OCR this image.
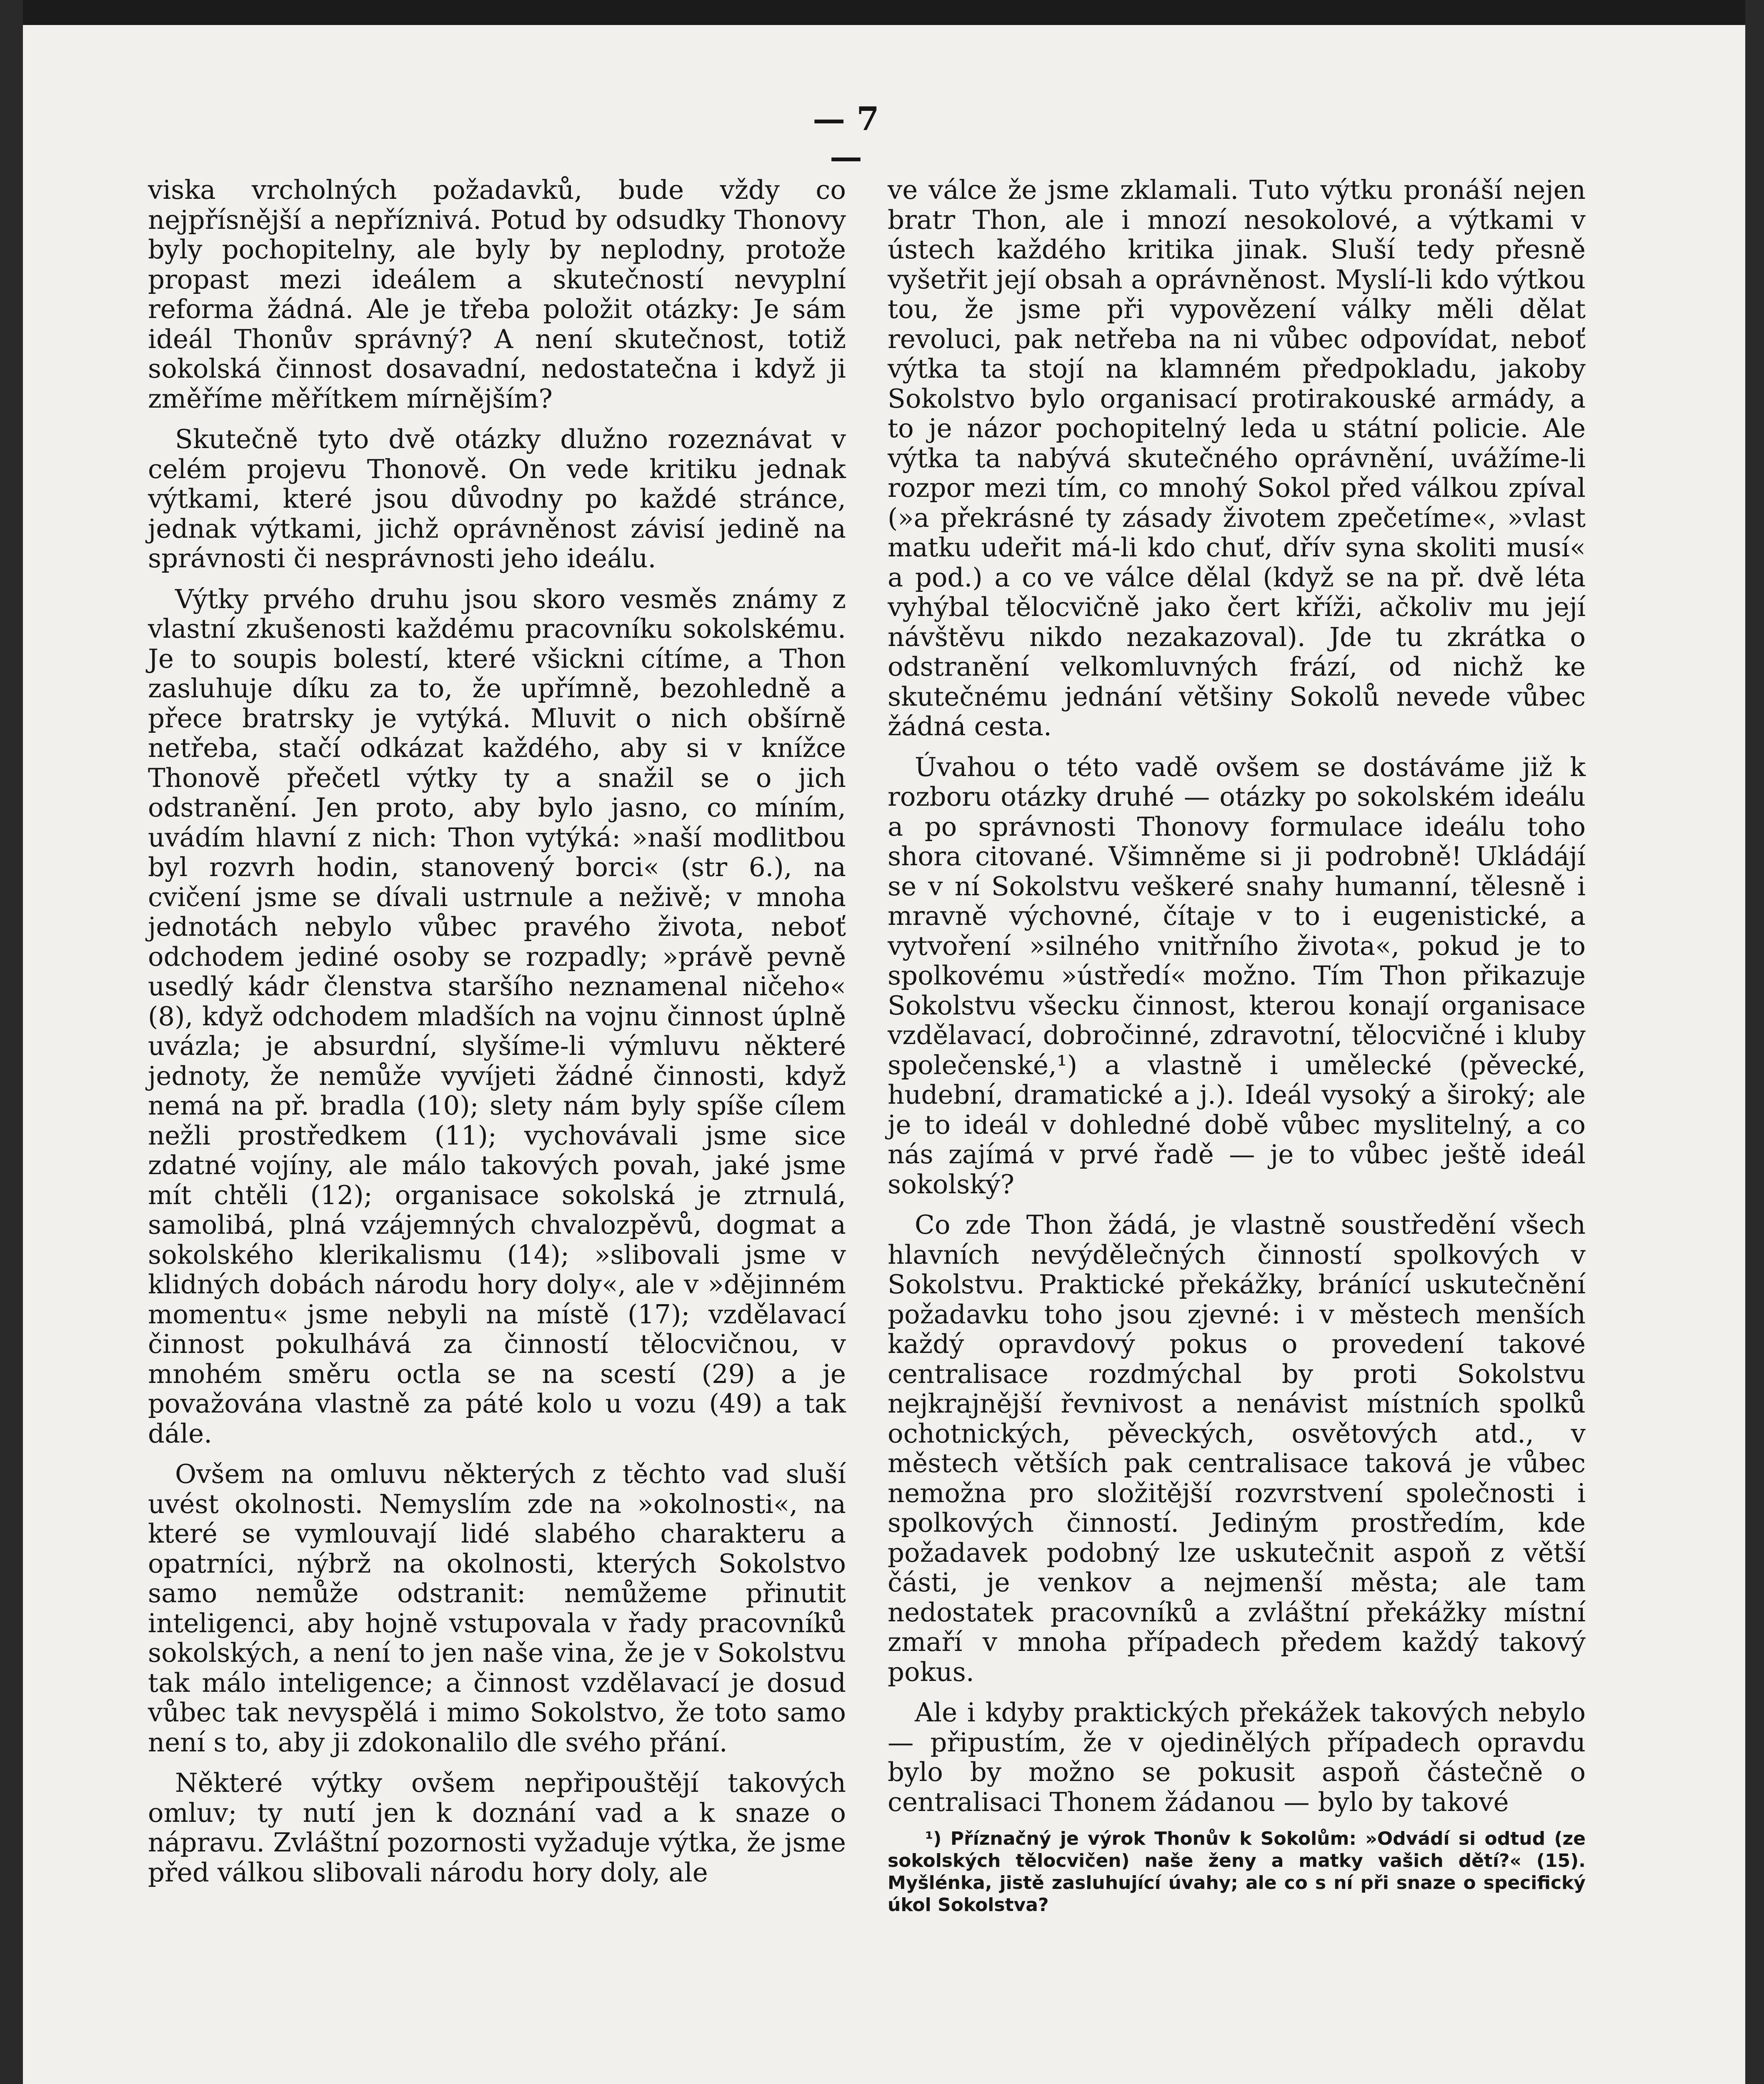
— 7 —

viska vrcholných požadavků, bude vždy co nejpřísnější a nepříznivá. Potud by odsudky Thonovy byly pochopitelny, ale byly by neplodny, protože propast mezi ideálem a skutečností nevyplní reforma žádná. Ale je třeba položit otázky: Je sám ideál Thonův správný? A není skutečnost, totiž sokolská činnost dosavadní, nedostatečna i když ji změříme měřítkem mírnějším?

Skutečně tyto dvě otázky dlužno rozeznávat v celém projevu Thonově. On vede kritiku jednak výtkami, které jsou důvodny po každé stránce, jednak výtkami, jichž oprávněnost závisí jedině na správnosti či nesprávnosti jeho ideálu.

Výtky prvého druhu jsou skoro vesměs známy z vlastní zkušenosti každému pracovníku sokolskému. Je to soupis bolestí, které všickni cítíme, a Thon zasluhuje díku za to, že upřímně, bezohledně a přece bratrsky je vytýká. Mluvit o nich obšírně netřeba, stačí odkázat každého, aby si v knížce Thonově přečetl výtky ty a snažil se o jich odstranění. Jen proto, aby bylo jasno, co míním, uvádím hlavní z nich: Thon vytýká: »naší modlitbou byl rozvrh hodin, stanovený borci« (str 6.), na cvičení jsme se dívali ustrnule a neživě; v mnoha jednotách nebylo vůbec pravého života, neboť odchodem jediné osoby se rozpadly; »právě pevně usedlý kádr členstva staršího neznamenal ničeho« (8), když odchodem mladších na vojnu činnost úplně uvázla; je absurdní, slyšíme-li výmluvu některé jednoty, že nemůže vyvíjeti žádné činnosti, když nemá na př. bradla (10); slety nám byly spíše cílem nežli prostředkem (11); vychovávali jsme sice zdatné vojíny, ale málo takových povah, jaké jsme mít chtěli (12); organisace sokolská je ztrnulá, samolibá, plná vzájemných chvalozpěvů, dogmat a sokolského klerikalismu (14); »slibovali jsme v klidných dobách národu hory doly«, ale v »dějinném momentu« jsme nebyli na místě (17); vzdělavací činnost pokulhává za činností tělocvičnou, v mnohém směru octla se na scestí (29) a je považována vlastně za páté kolo u vozu (49) a tak dále.

Ovšem na omluvu některých z těchto vad sluší uvést okolnosti. Nemyslím zde na »okolnosti«, na které se vymlouvají lidé slabého charakteru a opatrníci, nýbrž na okolnosti, kterých Sokolstvo samo nemůže odstranit: nemůžeme přinutit inteligenci, aby hojně vstupovala v řady pracovníků sokolských, a není to jen naše vina, že je v Sokolstvu tak málo inteligence; a činnost vzdělavací je dosud vůbec tak nevyspělá i mimo Sokolstvo, že toto samo není s to, aby ji zdokonalilo dle svého přání.

Některé výtky ovšem nepřipouštějí takových omluv; ty nutí jen k doznání vad a k snaze o nápravu. Zvláštní pozornosti vyžaduje výtka, že jsme před válkou slibovali národu hory doly, ale

ve válce že jsme zklamali. Tuto výtku pronáší nejen bratr Thon, ale i mnozí nesokolové, a výtkami v ústech každého kritika jinak. Sluší tedy přesně vyšetřit její obsah a oprávněnost. Myslí-li kdo výtkou tou, že jsme při vypovězení války měli dělat revoluci, pak netřeba na ni vůbec odpovídat, neboť výtka ta stojí na klamném předpokladu, jakoby Sokolstvo bylo organisací protirakouské armády, a to je názor pochopitelný leda u státní policie. Ale výtka ta nabývá skutečného oprávnění, uvážíme-li rozpor mezi tím, co mnohý Sokol před válkou zpíval (»a překrásné ty zásady životem zpečetíme«, »vlast matku udeřit má-li kdo chuť, dřív syna skoliti musí« a pod.) a co ve válce dělal (když se na př. dvě léta vyhýbal tělocvičně jako čert kříži, ačkoliv mu její návštěvu nikdo nezakazoval). Jde tu zkrátka o odstranění velkomluvných frází, od nichž ke skutečnému jednání většiny Sokolů nevede vůbec žádná cesta.

Úvahou o této vadě ovšem se dostáváme již k rozboru otázky druhé — otázky po sokolském ideálu a po správnosti Thonovy formulace ideálu toho shora citované. Všimněme si ji podrobně! Ukládájí se v ní Sokolstvu veškeré snahy humanní, tělesně i mravně výchovné, čítaje v to i eugenistické, a vytvoření »silného vnitřního života«, pokud je to spolkovému »ústředí« možno. Tím Thon přikazuje Sokolstvu všecku činnost, kterou konají organisace vzdělavací, dobročinné, zdravotní, tělocvičné i kluby společenské,¹) a vlastně i umělecké (pěvecké, hudební, dramatické a j.). Ideál vysoký a široký; ale je to ideál v dohledné době vůbec myslitelný, a co nás zajímá v prvé řadě — je to vůbec ještě ideál sokolský?

Co zde Thon žádá, je vlastně soustředění všech hlavních nevýdělečných činností spolkových v Sokolstvu. Praktické překážky, bránící uskutečnění požadavku toho jsou zjevné: i v městech menších každý opravdový pokus o provedení takové centralisace rozdmýchal by proti Sokolstvu nejkrajnější řevnivost a nenávist místních spolků ochotnických, pěveckých, osvětových atd., v městech větších pak centralisace taková je vůbec nemožna pro složitější rozvrstvení společnosti i spolkových činností. Jediným prostředím, kde požadavek podobný lze uskutečnit aspoň z větší části, je venkov a nejmenší města; ale tam nedostatek pracovníků a zvláštní překážky místní zmaří v mnoha případech předem každý takový pokus.

Ale i kdyby praktických překážek takových nebylo — připustím, že v ojedinělých případech opravdu bylo by možno se pokusit aspoň částečně o centralisaci Thonem žádanou — bylo by takové

¹) Příznačný je výrok Thonův k Sokolům: »Odvádí si odtud (ze sokolských tělocvičen) naše ženy a matky vašich dětí?« (15). Myšlénka, jistě zasluhující úvahy; ale co s ní při snaze o specifický úkol Sokolstva?
